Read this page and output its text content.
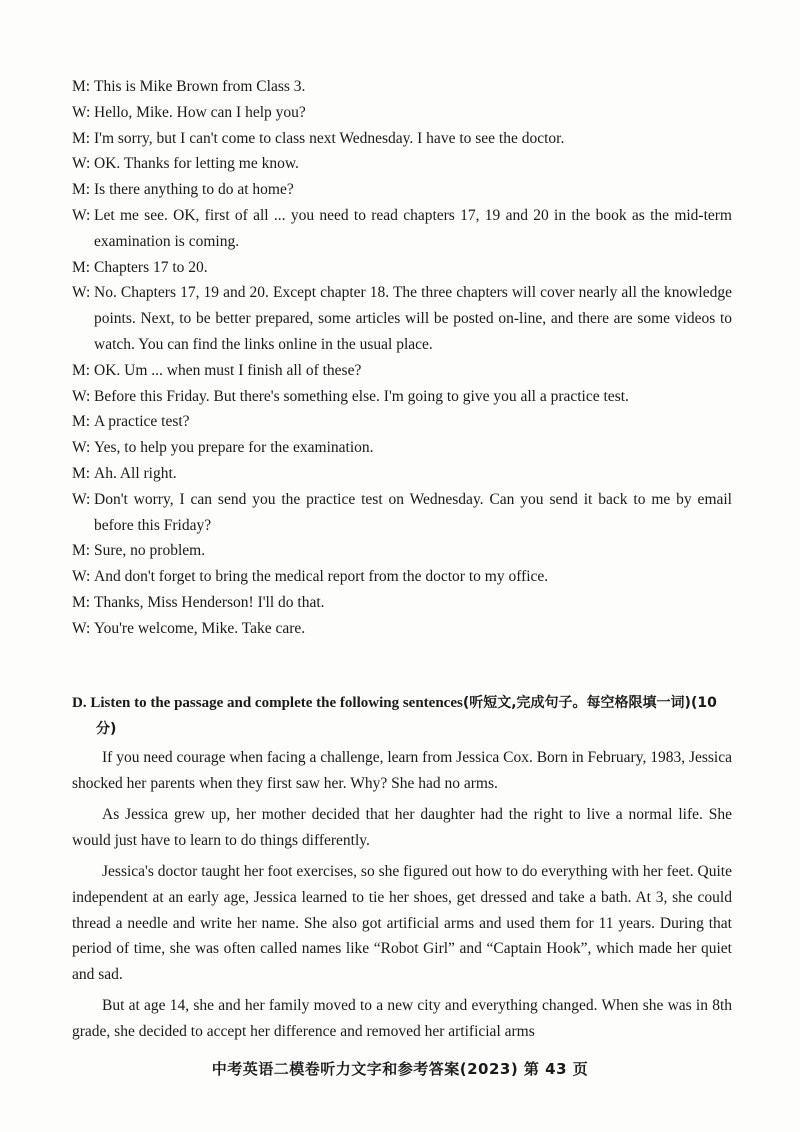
M: This is Mike Brown from Class 3.
W: Hello, Mike. How can I help you?
M: I'm sorry, but I can't come to class next Wednesday. I have to see the doctor.
W: OK. Thanks for letting me know.
M: Is there anything to do at home?
W: Let me see. OK, first of all ... you need to read chapters 17, 19 and 20 in the book as the mid-term examination is coming.
M: Chapters 17 to 20.
W: No. Chapters 17, 19 and 20. Except chapter 18. The three chapters will cover nearly all the knowledge points. Next, to be better prepared, some articles will be posted on-line, and there are some videos to watch. You can find the links online in the usual place.
M: OK. Um ... when must I finish all of these?
W: Before this Friday. But there's something else. I'm going to give you all a practice test.
M: A practice test?
W: Yes, to help you prepare for the examination.
M: Ah. All right.
W: Don't worry, I can send you the practice test on Wednesday. Can you send it back to me by email before this Friday?
M: Sure, no problem.
W: And don't forget to bring the medical report from the doctor to my office.
M: Thanks, Miss Henderson! I'll do that.
W: You're welcome, Mike. Take care.
D. Listen to the passage and complete the following sentences(听短文,完成句子。每空格限填一词)(10 分)

If you need courage when facing a challenge, learn from Jessica Cox. Born in February, 1983, Jessica shocked her parents when they first saw her. Why? She had no arms.

As Jessica grew up, her mother decided that her daughter had the right to live a normal life. She would just have to learn to do things differently.

Jessica's doctor taught her foot exercises, so she figured out how to do everything with her feet. Quite independent at an early age, Jessica learned to tie her shoes, get dressed and take a bath. At 3, she could thread a needle and write her name. She also got artificial arms and used them for 11 years. During that period of time, she was often called names like “Robot Girl” and “Captain Hook”, which made her quiet and sad.

But at age 14, she and her family moved to a new city and everything changed. When she was in 8th grade, she decided to accept her difference and removed her artificial arms

中考英语二模卷听力文字和参考答案(2023) 第 43 页
